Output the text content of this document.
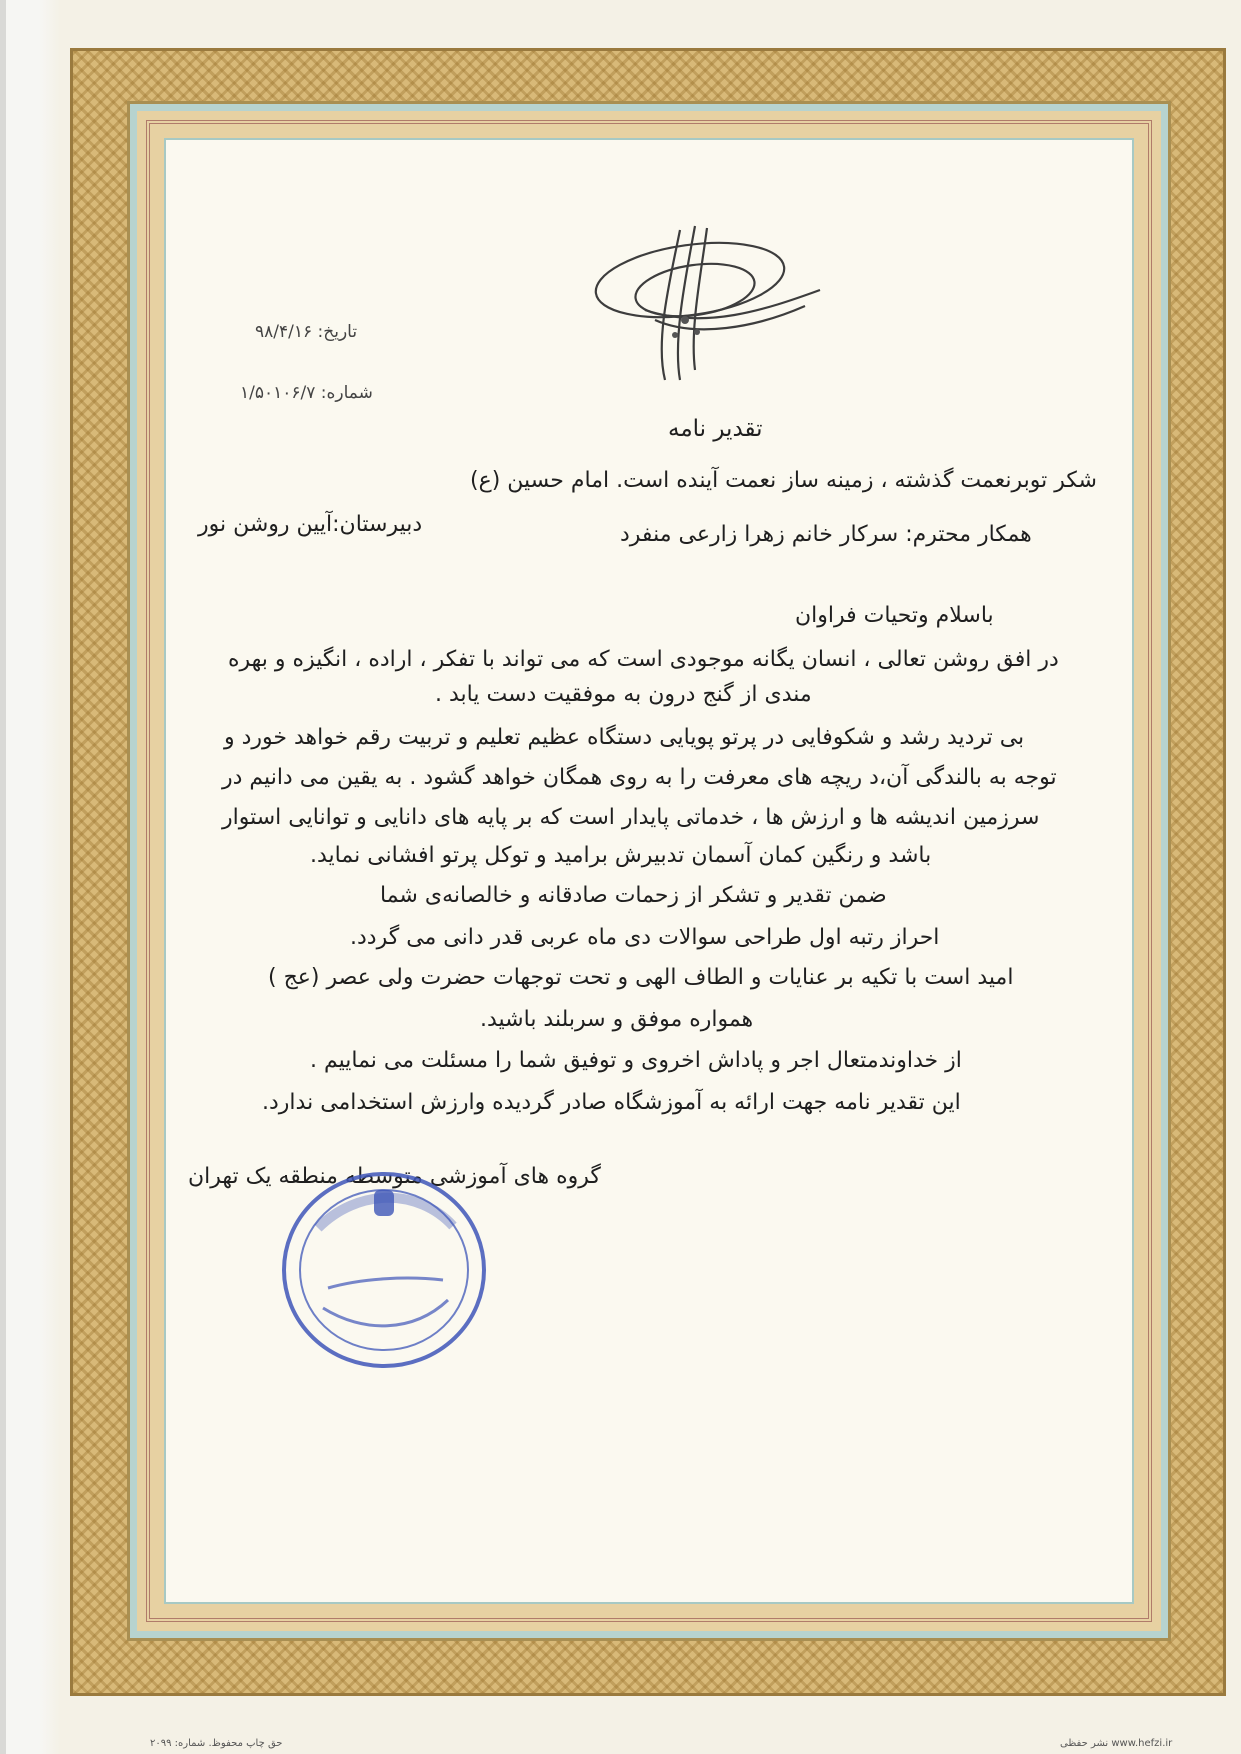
تاریخ: ۹۸/۴/۱۶
شماره: ۱/۵۰۱۰۶/۷
تقدیر نامه
شکر توبرنعمت گذشته ، زمینه ساز نعمت آینده است. امام حسین (ع)
همکار محترم: سرکار خانم زهرا زارعی منفرد
دبیرستان:آیین روشن نور
باسلام وتحیات فراوان
در افق روشن تعالی ، انسان یگانه موجودی است که می تواند با تفکر ، اراده ، انگیزه و بهره
مندی از گنج درون به موفقیت دست یابد .
بی تردید رشد و شکوفایی در پرتو پویایی دستگاه عظیم تعلیم و تربیت رقم خواهد خورد و
توجه به بالندگی آن،د ریچه های معرفت را به روی همگان خواهد گشود . به یقین می دانیم در
سرزمین اندیشه ها و ارزش ها ، خدماتی پایدار است که بر پایه های دانایی و توانایی استوار
باشد و رنگین کمان آسمان تدبیرش برامید و توکل پرتو افشانی نماید.
ضمن تقدیر و تشکر از زحمات صادقانه و خالصانه‌ی شما
احراز رتبه اول طراحی سوالات دی ماه عربی قدر دانی می گردد.
امید است با تکیه بر عنایات و الطاف الهی و تحت توجهات حضرت ولی عصر (عج )
همواره موفق و سربلند باشید.
از خداوندمتعال اجر و پاداش اخروی و توفیق شما را مسئلت می نماییم .
این تقدیر نامه جهت ارائه به آموزشگاه صادر گردیده وارزش استخدامی ندارد.
گروه های آموزشی متوسطه منطقه یک تهران
حق چاپ محفوظ. شماره: ۲۰۹۹	www.hefzi.ir نشر حفظی
